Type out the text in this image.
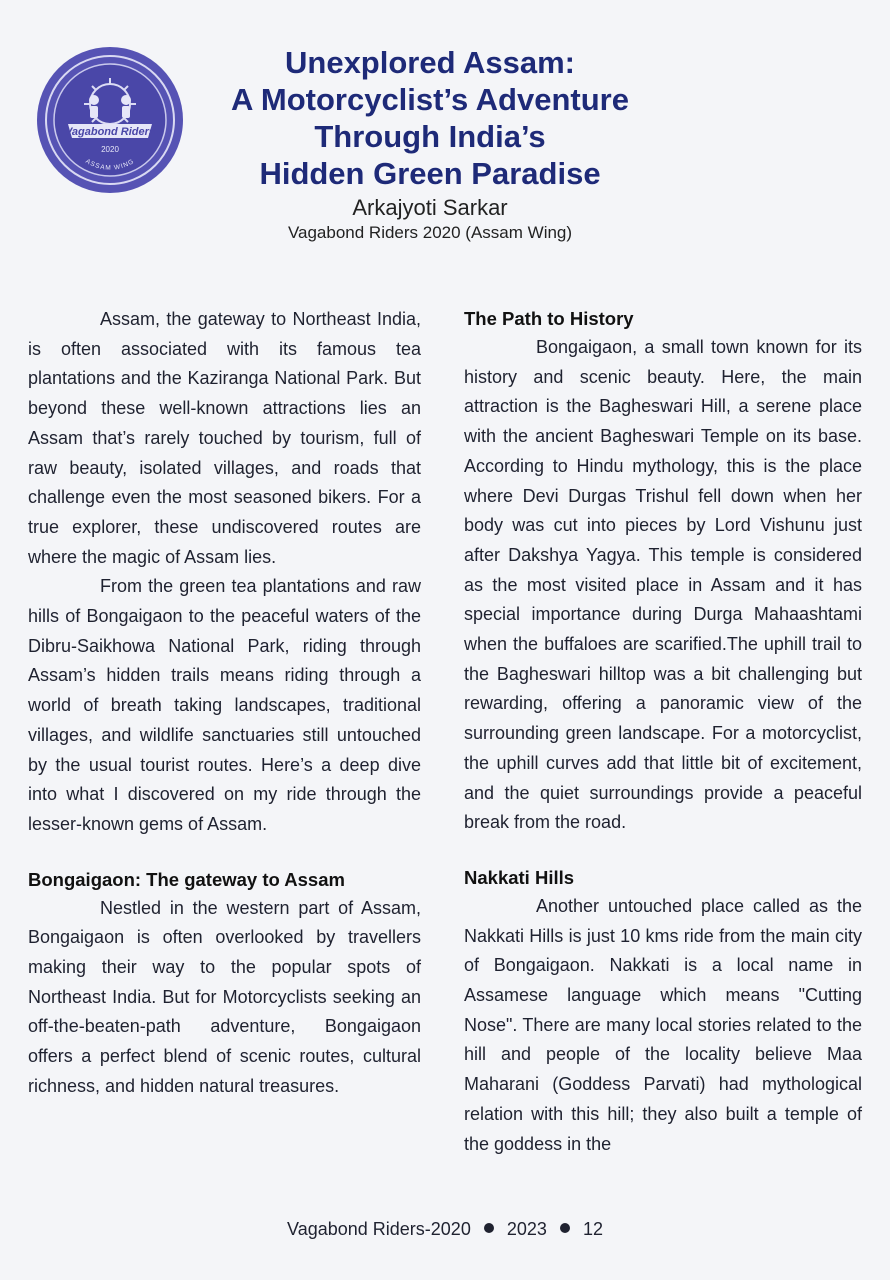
Vagabond Riders
2020
ASSAM WING
Unexplored Assam:
A Motorcyclist’s Adventure
Through India’s
Hidden Green Paradise
Arkajyoti Sarkar
Vagabond Riders 2020 (Assam Wing)

Assam, the gateway to Northeast India, is often associated with its famous tea plantations and the Kaziranga National Park. But beyond these well-known attractions lies an Assam that’s rarely touched by tourism, full of raw beauty, isolated villages, and roads that challenge even the most seasoned bikers. For a true explorer, these undiscovered routes are where the magic of Assam lies.

From the green tea plantations and raw hills of Bongaigaon to the peaceful waters of the Dibru-Saikhowa National Park, riding through Assam’s hidden trails means riding through a world of breath taking landscapes, traditional villages, and wildlife sanctuaries still untouched by the usual tourist routes. Here’s a deep dive into what I discovered on my ride through the lesser-known gems of Assam.

Bongaigaon: The gateway to Assam

Nestled in the western part of Assam, Bongaigaon is often overlooked by travellers making their way to the popular spots of Northeast India. But for Motorcyclists seeking an off-the-beaten-path adventure, Bongaigaon offers a perfect blend of scenic routes, cultural richness, and hidden natural treasures.

The Path to History

Bongaigaon, a small town known for its history and scenic beauty. Here, the main attraction is the Bagheswari Hill, a serene place with the ancient Bagheswari Temple on its base. According to Hindu mythology, this is the place where Devi Durgas Trishul fell down when her body was cut into pieces by Lord Vishunu just after Dakshya Yagya. This temple is considered as the most visited place in Assam and it has special importance during Durga Mahaashtami when the buffaloes are scarified.The uphill trail to the Bagheswari hilltop was a bit challenging but rewarding, offering a panoramic view of the surrounding green landscape. For a motorcyclist, the uphill curves add that little bit of excitement, and the quiet surroundings provide a peaceful break from the road.

Nakkati Hills

Another untouched place called as the Nakkati Hills is just 10 kms ride from the main city of Bongaigaon. Nakkati is a local name in Assamese language which means "Cutting Nose". There are many local stories related to the hill and people of the locality believe Maa Maharani (Goddess Parvati) had mythological relation with this hill; they also built a temple of the goddess in the

Vagabond Riders-2020 2023 12
